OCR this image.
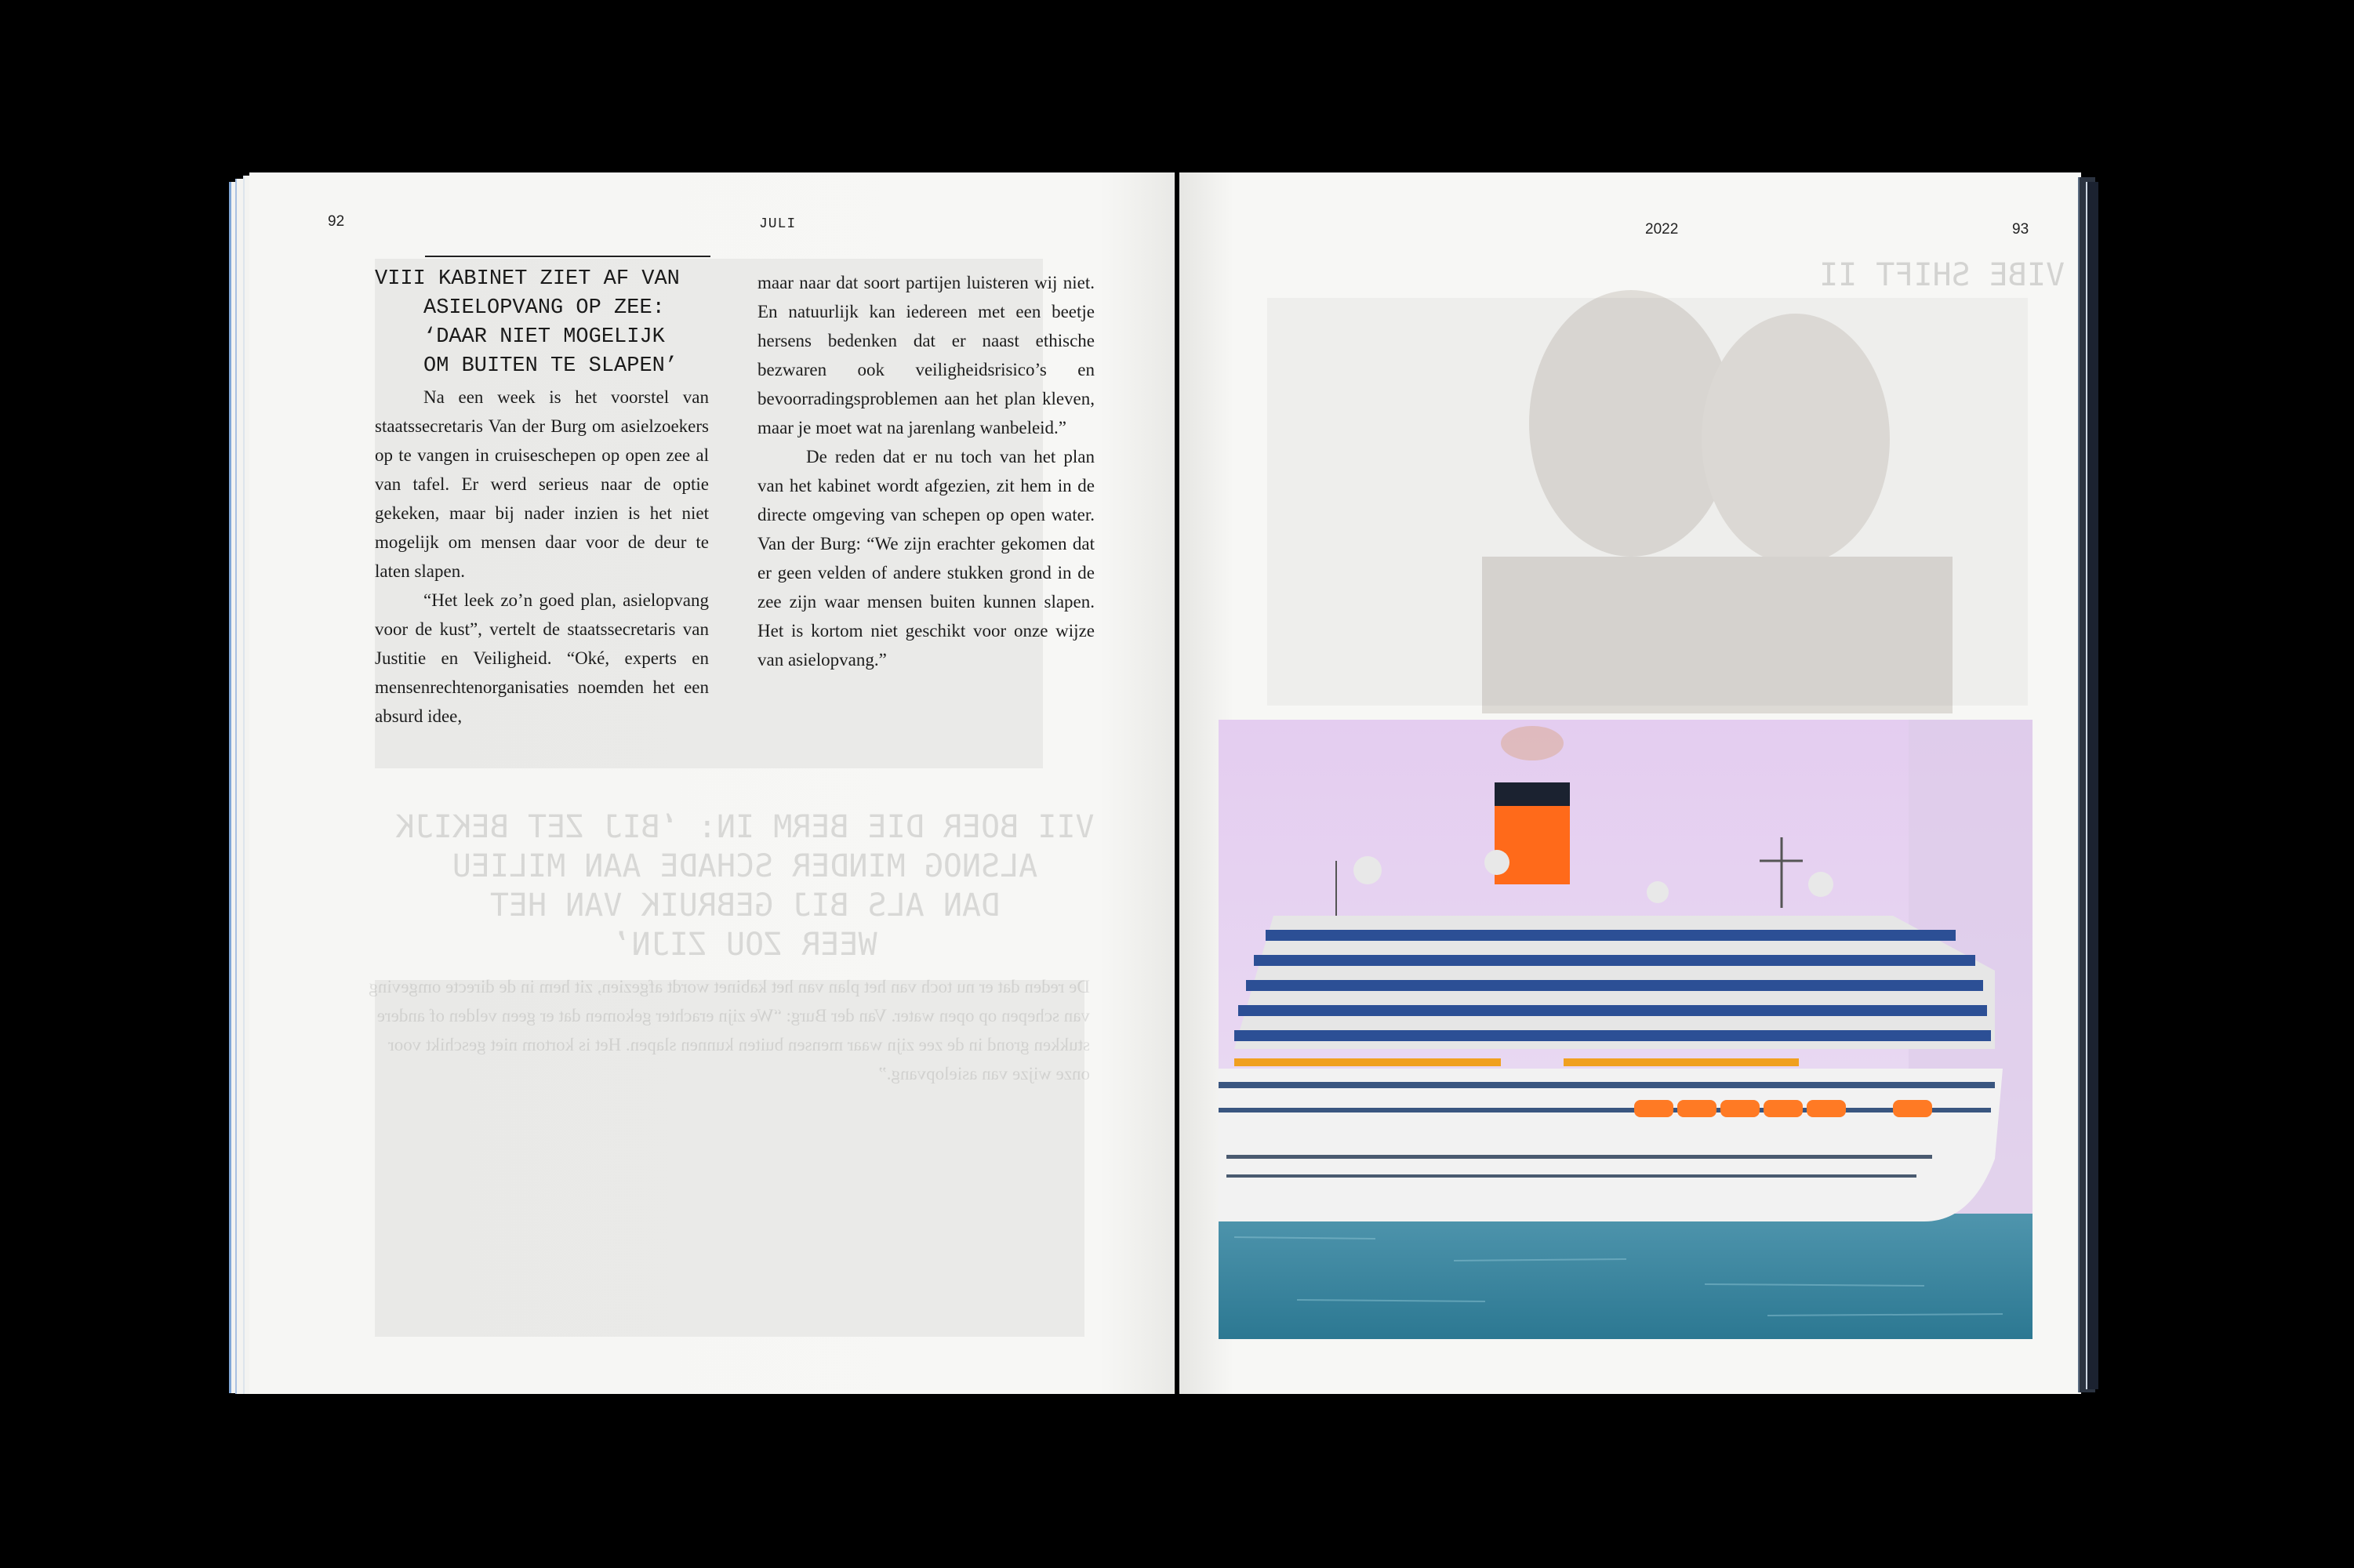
VII BOER DIE BERM IN: ‘BIJ ZET BEKIJK
ALSNOG MINDER SCHADE AAN MILIEU
DAN ALS BIJ GEBRUIK VAN HET
WEER ZOU ZIJN’
De reden dat er nu toch van het plan van het kabinet wordt afgezien, zit hem in de directe omgeving van schepen op open water. Van der Burg: “We zijn erachter gekomen dat er geen velden of andere stukken grond in de zee zijn waar mensen buiten kunnen slapen. Het is kortom niet geschikt voor onze wijze van asielopvang.”
92	JULI
VIII KABINET ZIET AF VAN
ASIELOPVANG OP ZEE:
‘DAAR NIET MOGELIJK
OM BUITEN TE SLAPEN’

Na een week is het voorstel van staatssecretaris Van der Burg om asielzoekers op te vangen in cruiseschepen op open zee al van tafel. Er werd serieus naar de optie gekeken, maar bij nader inzien is het niet mogelijk om mensen daar voor de deur te laten slapen.

“Het leek zo’n goed plan, asielopvang voor de kust”, vertelt de staatssecretaris van Justitie en Veiligheid. “Oké, experts en mensenrechtenorganisaties noemden het een absurd idee,

maar naar dat soort partijen luisteren wij niet. En natuurlijk kan iedereen met een beetje hersens bedenken dat er naast ethische bezwaren ook veiligheidsrisico’s en bevoorradingsproblemen aan het plan kleven, maar je moet wat na jarenlang wanbeleid.”

De reden dat er nu toch van het plan van het kabinet wordt afgezien, zit hem in de directe omgeving van schepen op open water. Van der Burg: “We zijn erachter gekomen dat er geen velden of andere stukken grond in de zee zijn waar mensen buiten kunnen slapen. Het is kortom niet geschikt voor onze wijze van asielopvang.”

VIBE SHIFT II
2022	93
